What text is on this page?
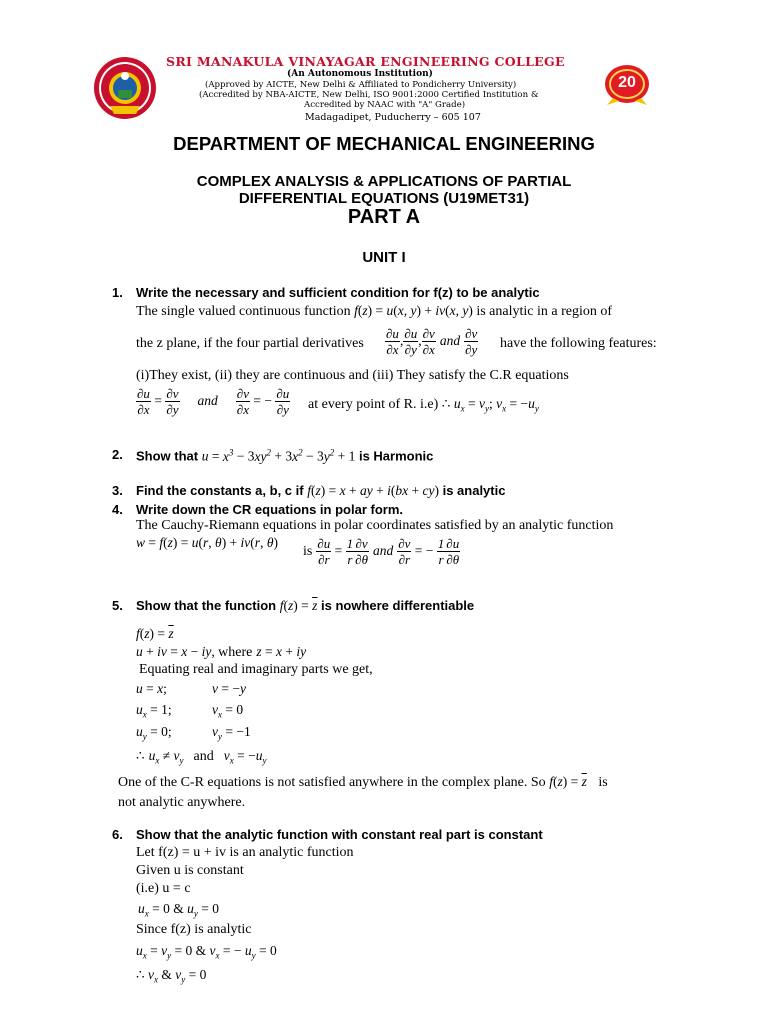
SRI MANAKULA VINAYAGAR ENGINEERING COLLEGE
(An Autonomous Institution)
(Approved by AICTE, New Delhi & Affiliated to Pondicherry University)
(Accredited by NBA-AICTE, New Delhi, ISO 9001:2000 Certified Institution &
Accredited by NAAC with "A" Grade)
Madagadipet, Puducherry – 605 107
20
DEPARTMENT OF MECHANICAL ENGINEERING
COMPLEX ANALYSIS & APPLICATIONS OF PARTIAL
DIFFERENTIAL EQUATIONS (U19MET31)
PART A
UNIT I
1. Write the necessary and sufficient condition for f(z) to be analytic
The single valued continuous function f(z) = u(x, y) + iv(x, y) is analytic in a region of
the z plane, if the four partial derivatives $\frac{\partial u}{\partial x}$ , $\frac{\partial u}{\partial y}$ , $\frac{\partial v}{\partial x}$ and $\frac{\partial v}{\partial y}$ have the following features:
(i)They exist, (ii) they are continuous and (iii) They satisfy the C.R equations
$\frac{\partial u}{\partial x} = \frac{\partial v}{\partial y}$ and $\frac{\partial v}{\partial x}$ = − $\frac{\partial u}{\partial y}$ at every point of R. i.e) ∴ $u_x = v_y$; $v_x = -u_y$
2. Show that $u = x^3 - 3xy^2 + 3x^2 - 3y^2 + 1$ is Harmonic
3. Find the constants a, b, c if f(z) = x + ay + i(bx + cy) is analytic
4. Write down the CR equations in polar form.
The Cauchy-Riemann equations in polar coordinates satisfied by an analytic function
w = f(z) = u(r, θ) + iv(r, θ)
is $\frac{\partial u}{\partial r} = \frac{1}{r} \frac{\partial v}{\partial\theta}$ and $\frac{\partial v}{\partial r}$ = − $\frac{1}{r} \frac{\partial u}{\partial\theta}$
5. Show that the function $f(z) = \overline{z}$ is nowhere differentiable
$f(z) = \overline{z}$
u + iv = x − iy, where z = x + iy
Equating real and imaginary parts we get,
u = x;	v = −y
$u_x = 1$;	$v_x = 0$
$u_y = 0$;	$v_y = -1$
∴ $u_x \ne v_y$ and $v_x = -u_y$
One of the C-R equations is not satisfied anywhere in the complex plane. So $f(z) = \overline{z}$ is
not analytic anywhere.
6. Show that the analytic function with constant real part is constant
Let f(z) = u + iv is an analytic function
Given u is constant
(i.e) u = c
$u_x = 0$ & $u_y = 0$
Since f(z) is analytic
$u_x = v_y = 0$ & $v_x$ = − $u_y = 0$
∴ $v_x$ & $v_y = 0$
